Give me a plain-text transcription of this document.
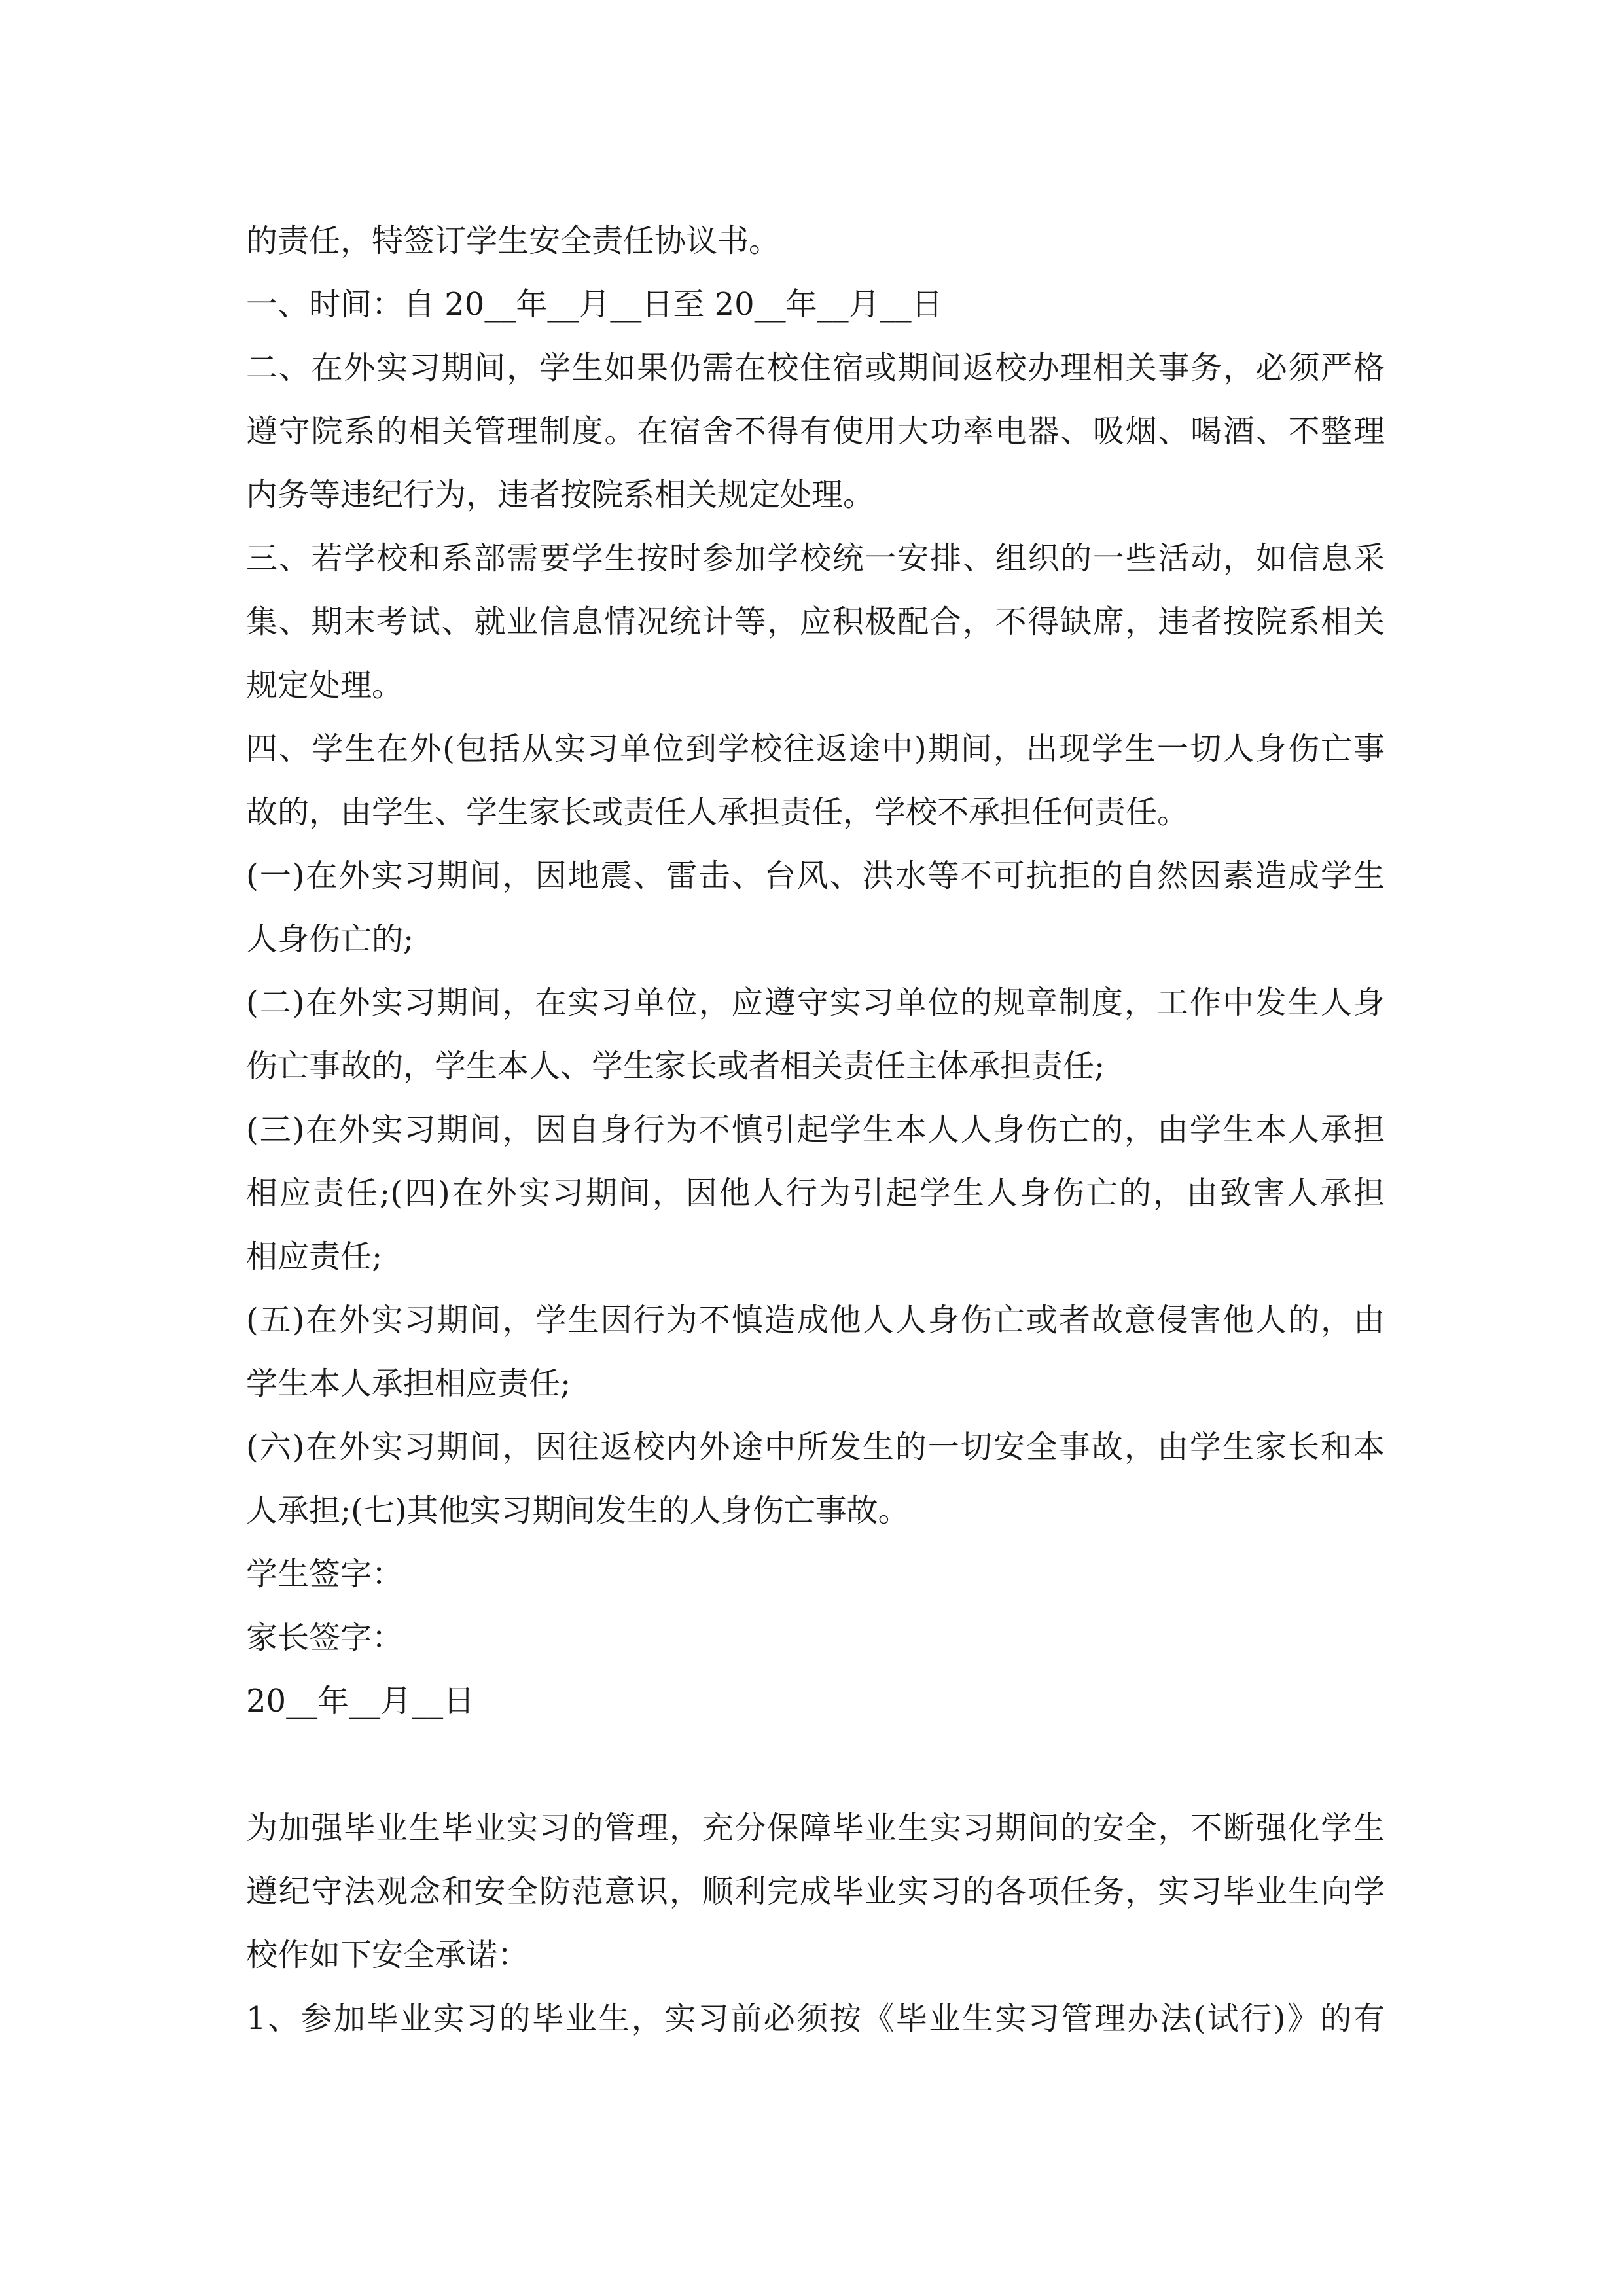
的责任，特签订学生安全责任协议书。
一、时间：自 20__年__月__日至 20__年__月__日
二、在外实习期间，学生如果仍需在校住宿或期间返校办理相关事务，必须严格
遵守院系的相关管理制度。在宿舍不得有使用大功率电器、吸烟、喝酒、不整理
内务等违纪行为，违者按院系相关规定处理。
三、若学校和系部需要学生按时参加学校统一安排、组织的一些活动，如信息采
集、期末考试、就业信息情况统计等，应积极配合，不得缺席，违者按院系相关
规定处理。
四、学生在外(包括从实习单位到学校往返途中)期间，出现学生一切人身伤亡事
故的，由学生、学生家长或责任人承担责任，学校不承担任何责任。
(一)在外实习期间，因地震、雷击、台风、洪水等不可抗拒的自然因素造成学生
人身伤亡的;
(二)在外实习期间，在实习单位，应遵守实习单位的规章制度，工作中发生人身
伤亡事故的，学生本人、学生家长或者相关责任主体承担责任;
(三)在外实习期间，因自身行为不慎引起学生本人人身伤亡的，由学生本人承担
相应责任;(四)在外实习期间，因他人行为引起学生人身伤亡的，由致害人承担
相应责任;
(五)在外实习期间，学生因行为不慎造成他人人身伤亡或者故意侵害他人的，由
学生本人承担相应责任;
(六)在外实习期间，因往返校内外途中所发生的一切安全事故，由学生家长和本
人承担;(七)其他实习期间发生的人身伤亡事故。
学生签字：
家长签字：
20__年__月__日
为加强毕业生毕业实习的管理，充分保障毕业生实习期间的安全，不断强化学生
遵纪守法观念和安全防范意识，顺利完成毕业实习的各项任务，实习毕业生向学
校作如下安全承诺：
1、参加毕业实习的毕业生，实习前必须按《毕业生实习管理办法(试行)》的有
